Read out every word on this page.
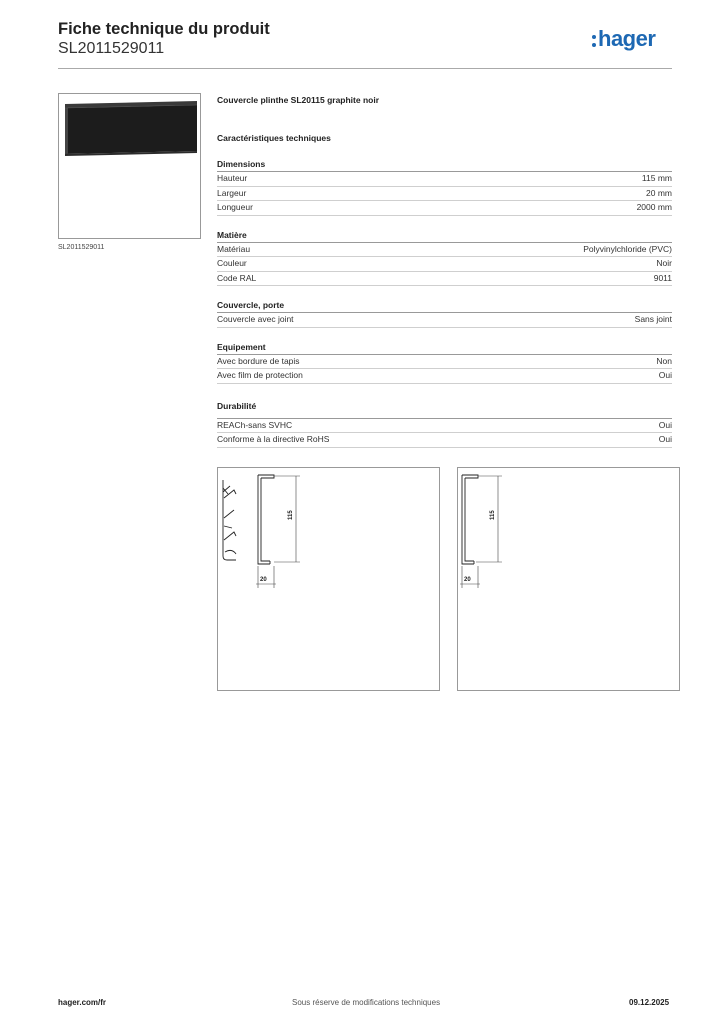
Fiche technique du produit
SL2011529011	hager
SL2011529011
Couvercle plinthe SL20115 graphite noir
Caractéristiques techniques
Dimensions
Hauteur	115 mm
Largeur	20 mm
Longueur	2000 mm
Matière
Matériau	Polyvinylchloride (PVC)
Couleur	Noir
Code RAL	9011
Couvercle, porte
Couvercle avec joint	Sans joint
Equipement
Avec bordure de tapis	Non
Avec film de protection	Oui
Durabilité
REACh-sans SVHC	Oui
Conforme à la directive RoHS	Oui
115
20
115
20
hager.com/fr	Sous réserve de modifications techniques	09.12.2025
